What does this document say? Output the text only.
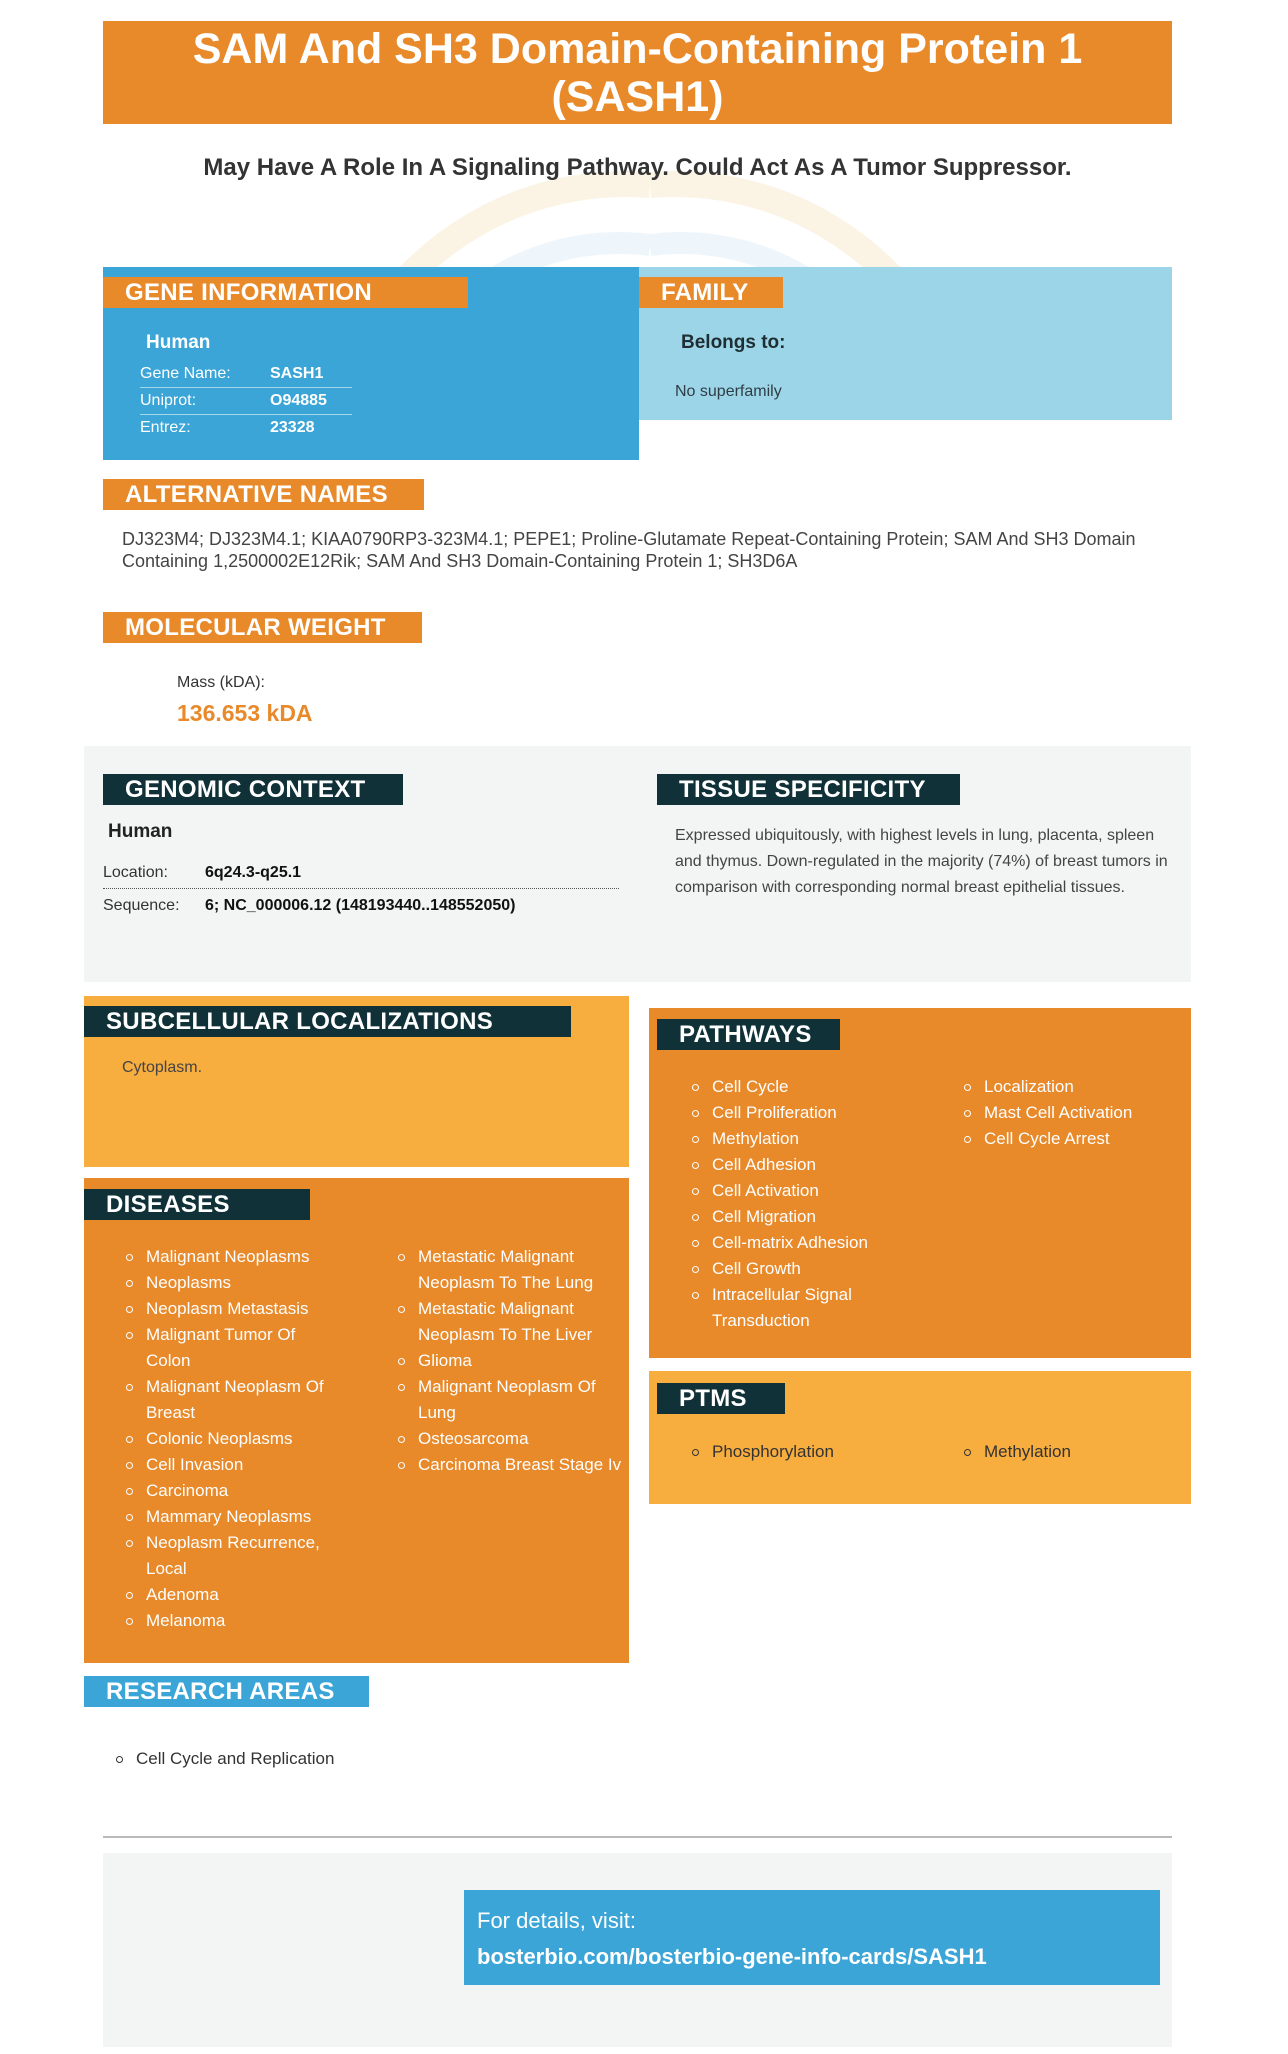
SAM And SH3 Domain-Containing Protein 1
(SASH1)
May Have A Role In A Signaling Pathway. Could Act As A Tumor Suppressor.
GENE INFORMATION
Human
Gene Name:	SASH1
Uniprot:	O94885
Entrez:	23328
FAMILY
Belongs to:
No superfamily
ALTERNATIVE NAMES
DJ323M4; DJ323M4.1; KIAA0790RP3-323M4.1; PEPE1; Proline-Glutamate Repeat-Containing Protein; SAM And SH3 Domain Containing 1,2500002E12Rik; SAM And SH3 Domain-Containing Protein 1; SH3D6A
MOLECULAR WEIGHT
Mass (kDA):
136.653 kDA
GENOMIC CONTEXT
Human
Location:	6q24.3-q25.1
Sequence:	6; NC_000006.12 (148193440..148552050)
TISSUE SPECIFICITY
Expressed ubiquitously, with highest levels in lung, placenta, spleen and thymus. Down-regulated in the majority (74%) of breast tumors in comparison with corresponding normal breast epithelial tissues.
SUBCELLULAR LOCALIZATIONS
Cytoplasm.
PATHWAYS
Cell Cycle
Cell Proliferation
Methylation
Cell Adhesion
Cell Activation
Cell Migration
Cell-matrix Adhesion
Cell Growth
Intracellular Signal Transduction
Localization
Mast Cell Activation
Cell Cycle Arrest
DISEASES
Malignant Neoplasms
Neoplasms
Neoplasm Metastasis
Malignant Tumor Of Colon
Malignant Neoplasm Of Breast
Colonic Neoplasms
Cell Invasion
Carcinoma
Mammary Neoplasms
Neoplasm Recurrence, Local
Adenoma
Melanoma
Metastatic Malignant Neoplasm To The Lung
Metastatic Malignant Neoplasm To The Liver
Glioma
Malignant Neoplasm Of Lung
Osteosarcoma
Carcinoma Breast Stage Iv
PTMS
Phosphorylation	Methylation
RESEARCH AREAS
Cell Cycle and Replication
For details, visit:
bosterbio.com/bosterbio-gene-info-cards/SASH1
